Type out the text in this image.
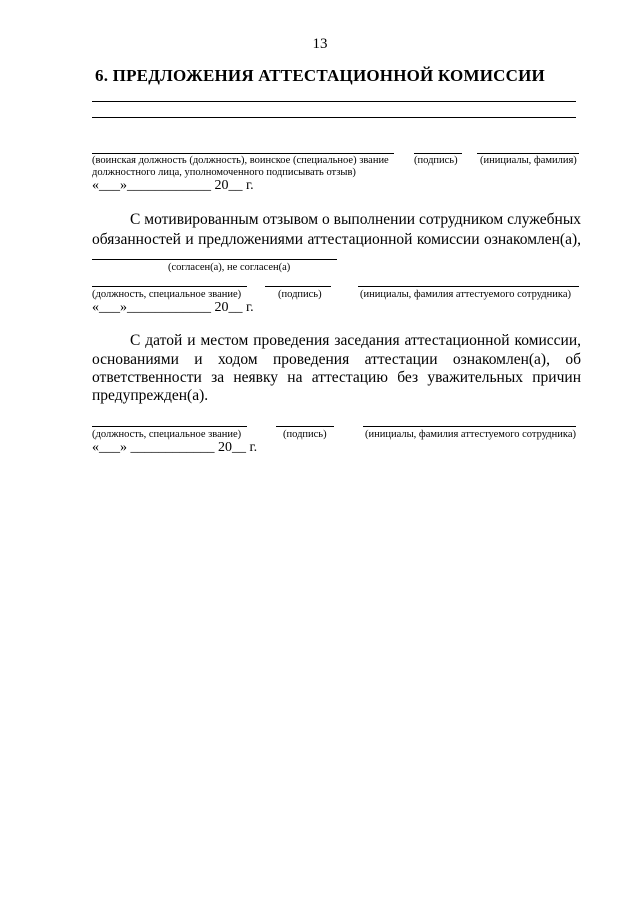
13
6. ПРЕДЛОЖЕНИЯ АТТЕСТАЦИОННОЙ КОМИССИИ
(воинская должность (должность), воинское (специальное) звание
должностного лица, уполномоченного подписывать отзыв)
(подпись) (инициалы, фамилия)
«___»____________ 20__ г.
С мотивированным отзывом о выполнении сотрудником служебных обязанностей и предложениями аттестационной комиссии ознакомлен(а),
(согласен(а), не согласен(а)
(должность, специальное звание)	(подпись)	(инициалы, фамилия аттестуемого сотрудника)
«___»____________ 20__ г.
С датой и местом проведения заседания аттестационной комиссии,
основаниями и ходом проведения аттестации ознакомлен(а), об
ответственности за неявку на аттестацию без уважительных причин
предупрежден(а).
(должность, специальное звание)	(подпись)	(инициалы, фамилия аттестуемого сотрудника)
«___» ____________ 20__ г.
